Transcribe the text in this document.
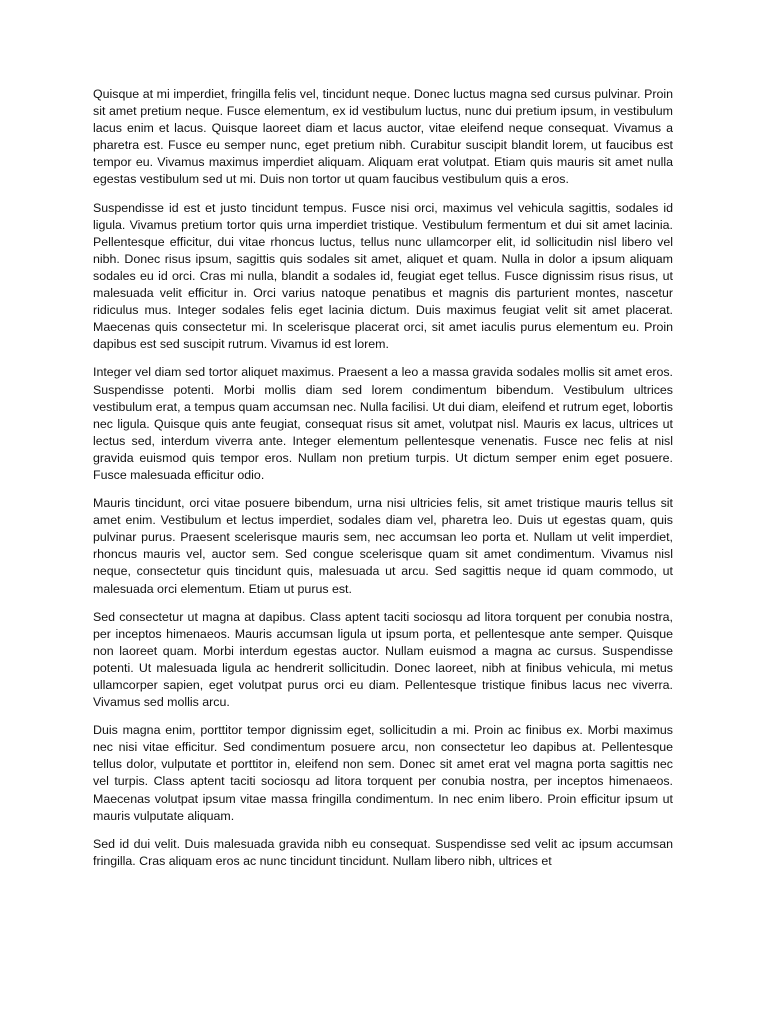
Quisque at mi imperdiet, fringilla felis vel, tincidunt neque. Donec luctus magna sed cursus pulvinar. Proin sit amet pretium neque. Fusce elementum, ex id vestibulum luctus, nunc dui pretium ipsum, in vestibulum lacus enim et lacus. Quisque laoreet diam et lacus auctor, vitae eleifend neque consequat. Vivamus a pharetra est. Fusce eu semper nunc, eget pretium nibh. Curabitur suscipit blandit lorem, ut faucibus est tempor eu. Vivamus maximus imperdiet aliquam. Aliquam erat volutpat. Etiam quis mauris sit amet nulla egestas vestibulum sed ut mi. Duis non tortor ut quam faucibus vestibulum quis a eros.

Suspendisse id est et justo tincidunt tempus. Fusce nisi orci, maximus vel vehicula sagittis, sodales id ligula. Vivamus pretium tortor quis urna imperdiet tristique. Vestibulum fermentum et dui sit amet lacinia. Pellentesque efficitur, dui vitae rhoncus luctus, tellus nunc ullamcorper elit, id sollicitudin nisl libero vel nibh. Donec risus ipsum, sagittis quis sodales sit amet, aliquet et quam. Nulla in dolor a ipsum aliquam sodales eu id orci. Cras mi nulla, blandit a sodales id, feugiat eget tellus. Fusce dignissim risus risus, ut malesuada velit efficitur in. Orci varius natoque penatibus et magnis dis parturient montes, nascetur ridiculus mus. Integer sodales felis eget lacinia dictum. Duis maximus feugiat velit sit amet placerat. Maecenas quis consectetur mi. In scelerisque placerat orci, sit amet iaculis purus elementum eu. Proin dapibus est sed suscipit rutrum. Vivamus id est lorem.

Integer vel diam sed tortor aliquet maximus. Praesent a leo a massa gravida sodales mollis sit amet eros. Suspendisse potenti. Morbi mollis diam sed lorem condimentum bibendum. Vestibulum ultrices vestibulum erat, a tempus quam accumsan nec. Nulla facilisi. Ut dui diam, eleifend et rutrum eget, lobortis nec ligula. Quisque quis ante feugiat, consequat risus sit amet, volutpat nisl. Mauris ex lacus, ultrices ut lectus sed, interdum viverra ante. Integer elementum pellentesque venenatis. Fusce nec felis at nisl gravida euismod quis tempor eros. Nullam non pretium turpis. Ut dictum semper enim eget posuere. Fusce malesuada efficitur odio.

Mauris tincidunt, orci vitae posuere bibendum, urna nisi ultricies felis, sit amet tristique mauris tellus sit amet enim. Vestibulum et lectus imperdiet, sodales diam vel, pharetra leo. Duis ut egestas quam, quis pulvinar purus. Praesent scelerisque mauris sem, nec accumsan leo porta et. Nullam ut velit imperdiet, rhoncus mauris vel, auctor sem. Sed congue scelerisque quam sit amet condimentum. Vivamus nisl neque, consectetur quis tincidunt quis, malesuada ut arcu. Sed sagittis neque id quam commodo, ut malesuada orci elementum. Etiam ut purus est.

Sed consectetur ut magna at dapibus. Class aptent taciti sociosqu ad litora torquent per conubia nostra, per inceptos himenaeos. Mauris accumsan ligula ut ipsum porta, et pellentesque ante semper. Quisque non laoreet quam. Morbi interdum egestas auctor. Nullam euismod a magna ac cursus. Suspendisse potenti. Ut malesuada ligula ac hendrerit sollicitudin. Donec laoreet, nibh at finibus vehicula, mi metus ullamcorper sapien, eget volutpat purus orci eu diam. Pellentesque tristique finibus lacus nec viverra. Vivamus sed mollis arcu.

Duis magna enim, porttitor tempor dignissim eget, sollicitudin a mi. Proin ac finibus ex. Morbi maximus nec nisi vitae efficitur. Sed condimentum posuere arcu, non consectetur leo dapibus at. Pellentesque tellus dolor, vulputate et porttitor in, eleifend non sem. Donec sit amet erat vel magna porta sagittis nec vel turpis. Class aptent taciti sociosqu ad litora torquent per conubia nostra, per inceptos himenaeos. Maecenas volutpat ipsum vitae massa fringilla condimentum. In nec enim libero. Proin efficitur ipsum ut mauris vulputate aliquam.

Sed id dui velit. Duis malesuada gravida nibh eu consequat. Suspendisse sed velit ac ipsum accumsan fringilla. Cras aliquam eros ac nunc tincidunt tincidunt. Nullam libero nibh, ultrices et
